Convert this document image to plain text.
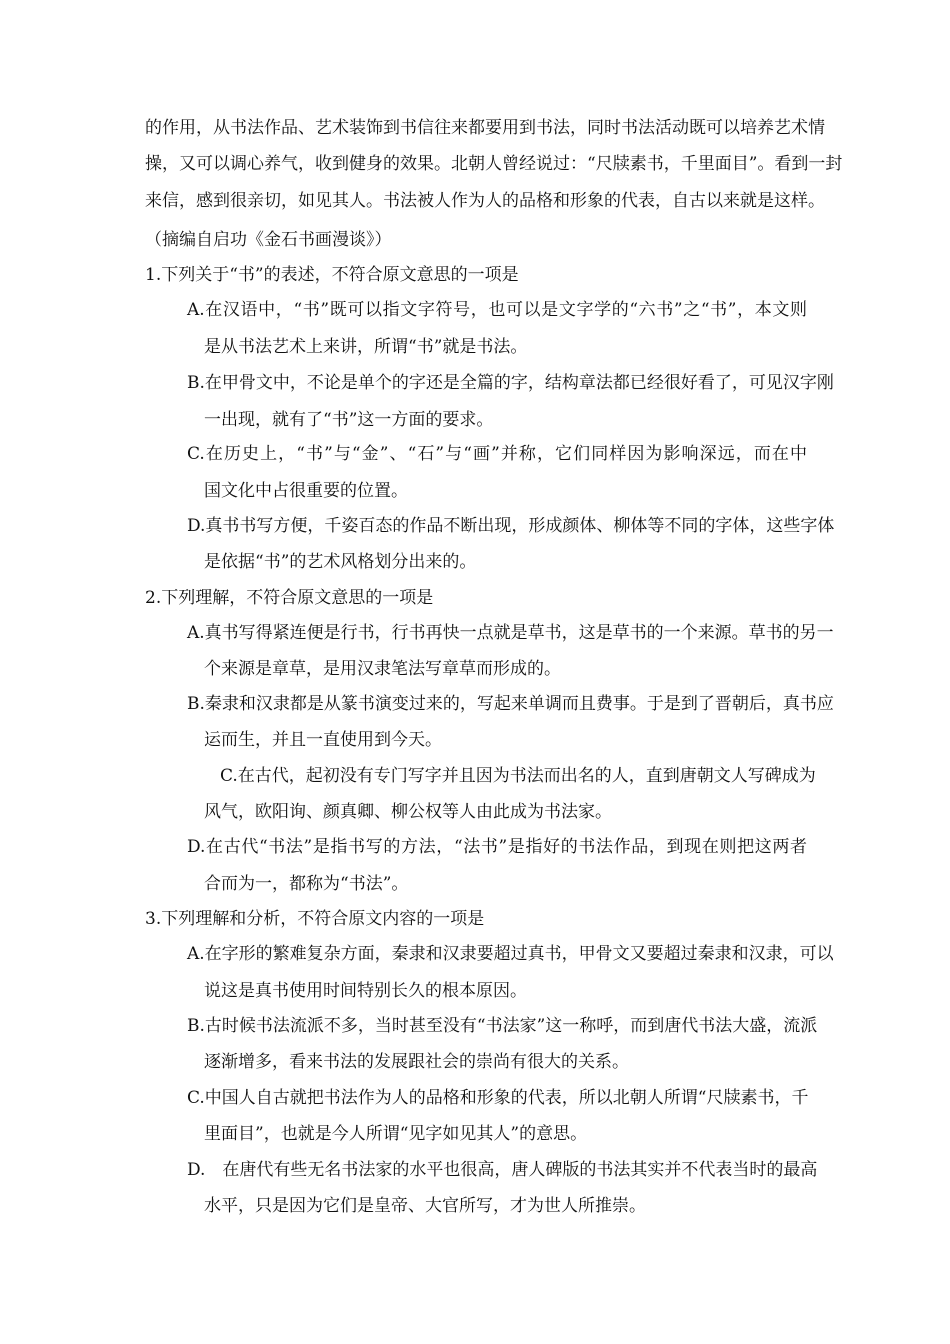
的作用，从书法作品、艺术装饰到书信往来都要用到书法，同时书法活动既可以培养艺术情
操，又可以调心养气，收到健身的效果。北朝人曾经说过：“尺牍素书，千里面目”。看到一封
来信，感到很亲切，如见其人。书法被人作为人的品格和形象的代表，自古以来就是这样。
（摘编自启功《金石书画漫谈》）
1.下列关于“书”的表述，不符合原文意思的一项是
A.在汉语中，“书”既可以指文字符号，也可以是文字学的“六书”之“书”，本文则
是从书法艺术上来讲，所谓“书”就是书法。
B.在甲骨文中，不论是单个的字还是全篇的字，结构章法都已经很好看了，可见汉字刚
一出现，就有了“书”这一方面的要求。
C.在历史上，“书”与“金”、“石”与“画”并称，它们同样因为影响深远，而在中
国文化中占很重要的位置。
D.真书书写方便，千姿百态的作品不断出现，形成颜体、柳体等不同的字体，这些字体
是依据“书”的艺术风格划分出来的。
2.下列理解，不符合原文意思的一项是
A.真书写得紧连便是行书，行书再快一点就是草书，这是草书的一个来源。草书的另一
个来源是章草，是用汉隶笔法写章草而形成的。
B.秦隶和汉隶都是从篆书演变过来的，写起来单调而且费事。于是到了晋朝后，真书应
运而生，并且一直使用到今天。
C.在古代，起初没有专门写字并且因为书法而出名的人，直到唐朝文人写碑成为
风气，欧阳询、颜真卿、柳公权等人由此成为书法家。
D.在古代“书法”是指书写的方法，“法书”是指好的书法作品，到现在则把这两者
合而为一，都称为“书法”。
3.下列理解和分析，不符合原文内容的一项是
A.在字形的繁难复杂方面，秦隶和汉隶要超过真书，甲骨文又要超过秦隶和汉隶，可以
说这是真书使用时间特别长久的根本原因。
B.古时候书法流派不多，当时甚至没有“书法家”这一称呼，而到唐代书法大盛，流派
逐渐增多，看来书法的发展跟社会的崇尚有很大的关系。
C.中国人自古就把书法作为人的品格和形象的代表，所以北朝人所谓“尺牍素书，千
里面目”，也就是今人所谓“见字如见其人”的意思。
D.　在唐代有些无名书法家的水平也很高，唐人碑版的书法其实并不代表当时的最高
水平，只是因为它们是皇帝、大官所写，才为世人所推崇。
